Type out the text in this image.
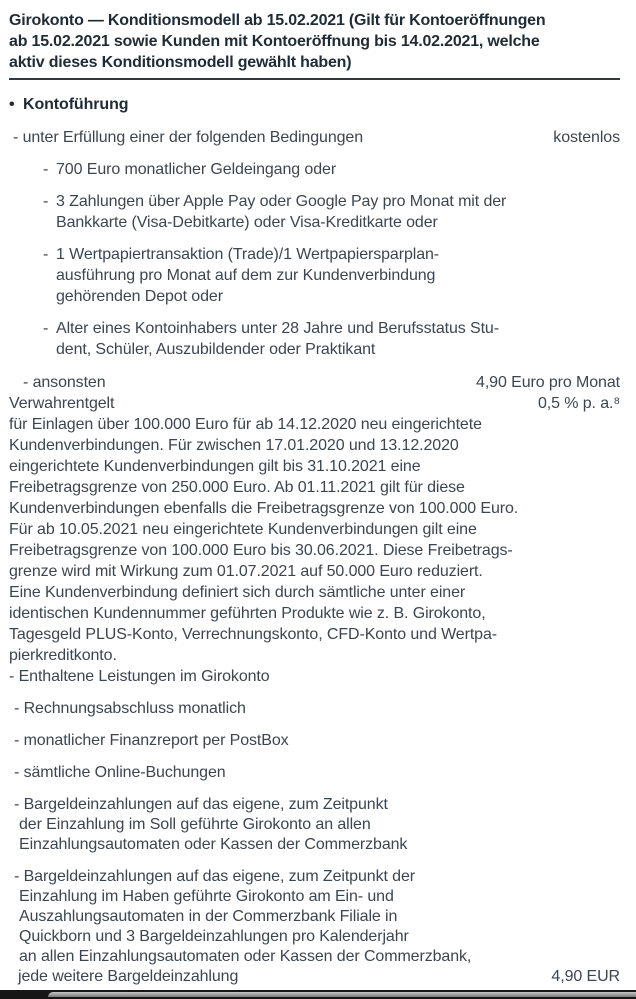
Girokonto — Konditionsmodell ab 15.02.2021 (Gilt für Kontoeröffnungen
ab 15.02.2021 sowie Kunden mit Kontoeröffnung bis 14.02.2021, welche
aktiv dieses Konditionsmodell gewählt haben)
• Kontoführung
- unter Erfüllung einer der folgenden Bedingungen	kostenlos
- 700 Euro monatlicher Geldeingang oder
- 3 Zahlungen über Apple Pay oder Google Pay pro Monat mit der
Bankkarte (Visa-Debitkarte) oder Visa-Kreditkarte oder
- 1 Wertpapiertransaktion (Trade)/1 Wertpapiersparplan-
ausführung pro Monat auf dem zur Kundenverbindung
gehörenden Depot oder
- Alter eines Kontoinhabers unter 28 Jahre und Berufsstatus Stu-
dent, Schüler, Auszubildender oder Praktikant
- ansonsten	4,90 Euro pro Monat
Verwahrentgelt	0,5 % p. a.⁸
für Einlagen über 100.000 Euro für ab 14.12.2020 neu eingerichtete
Kundenverbindungen. Für zwischen 17.01.2020 und 13.12.2020
eingerichtete Kundenverbindungen gilt bis 31.10.2021 eine
Freibetragsgrenze von 250.000 Euro. Ab 01.11.2021 gilt für diese
Kundenverbindungen ebenfalls die Freibetragsgrenze von 100.000 Euro.
Für ab 10.05.2021 neu eingerichtete Kundenverbindungen gilt eine
Freibetragsgrenze von 100.000 Euro bis 30.06.2021. Diese Freibetrags-
grenze wird mit Wirkung zum 01.07.2021 auf 50.000 Euro reduziert.
Eine Kundenverbindung definiert sich durch sämtliche unter einer
identischen Kundennummer geführten Produkte wie z. B. Girokonto,
Tagesgeld PLUS-Konto, Verrechnungskonto, CFD-Konto und Wertpa-
pierkreditkonto.
- Enthaltene Leistungen im Girokonto
- Rechnungsabschluss monatlich
- monatlicher Finanzreport per PostBox
- sämtliche Online-Buchungen
- Bargeldeinzahlungen auf das eigene, zum Zeitpunkt
der Einzahlung im Soll geführte Girokonto an allen
Einzahlungsautomaten oder Kassen der Commerzbank
- Bargeldeinzahlungen auf das eigene, zum Zeitpunkt der
Einzahlung im Haben geführte Girokonto am Ein- und
Auszahlungsautomaten in der Commerzbank Filiale in
Quickborn und 3 Bargeldeinzahlungen pro Kalenderjahr
an allen Einzahlungsautomaten oder Kassen der Commerzbank,
jede weitere Bargeldeinzahlung	4,90 EUR
